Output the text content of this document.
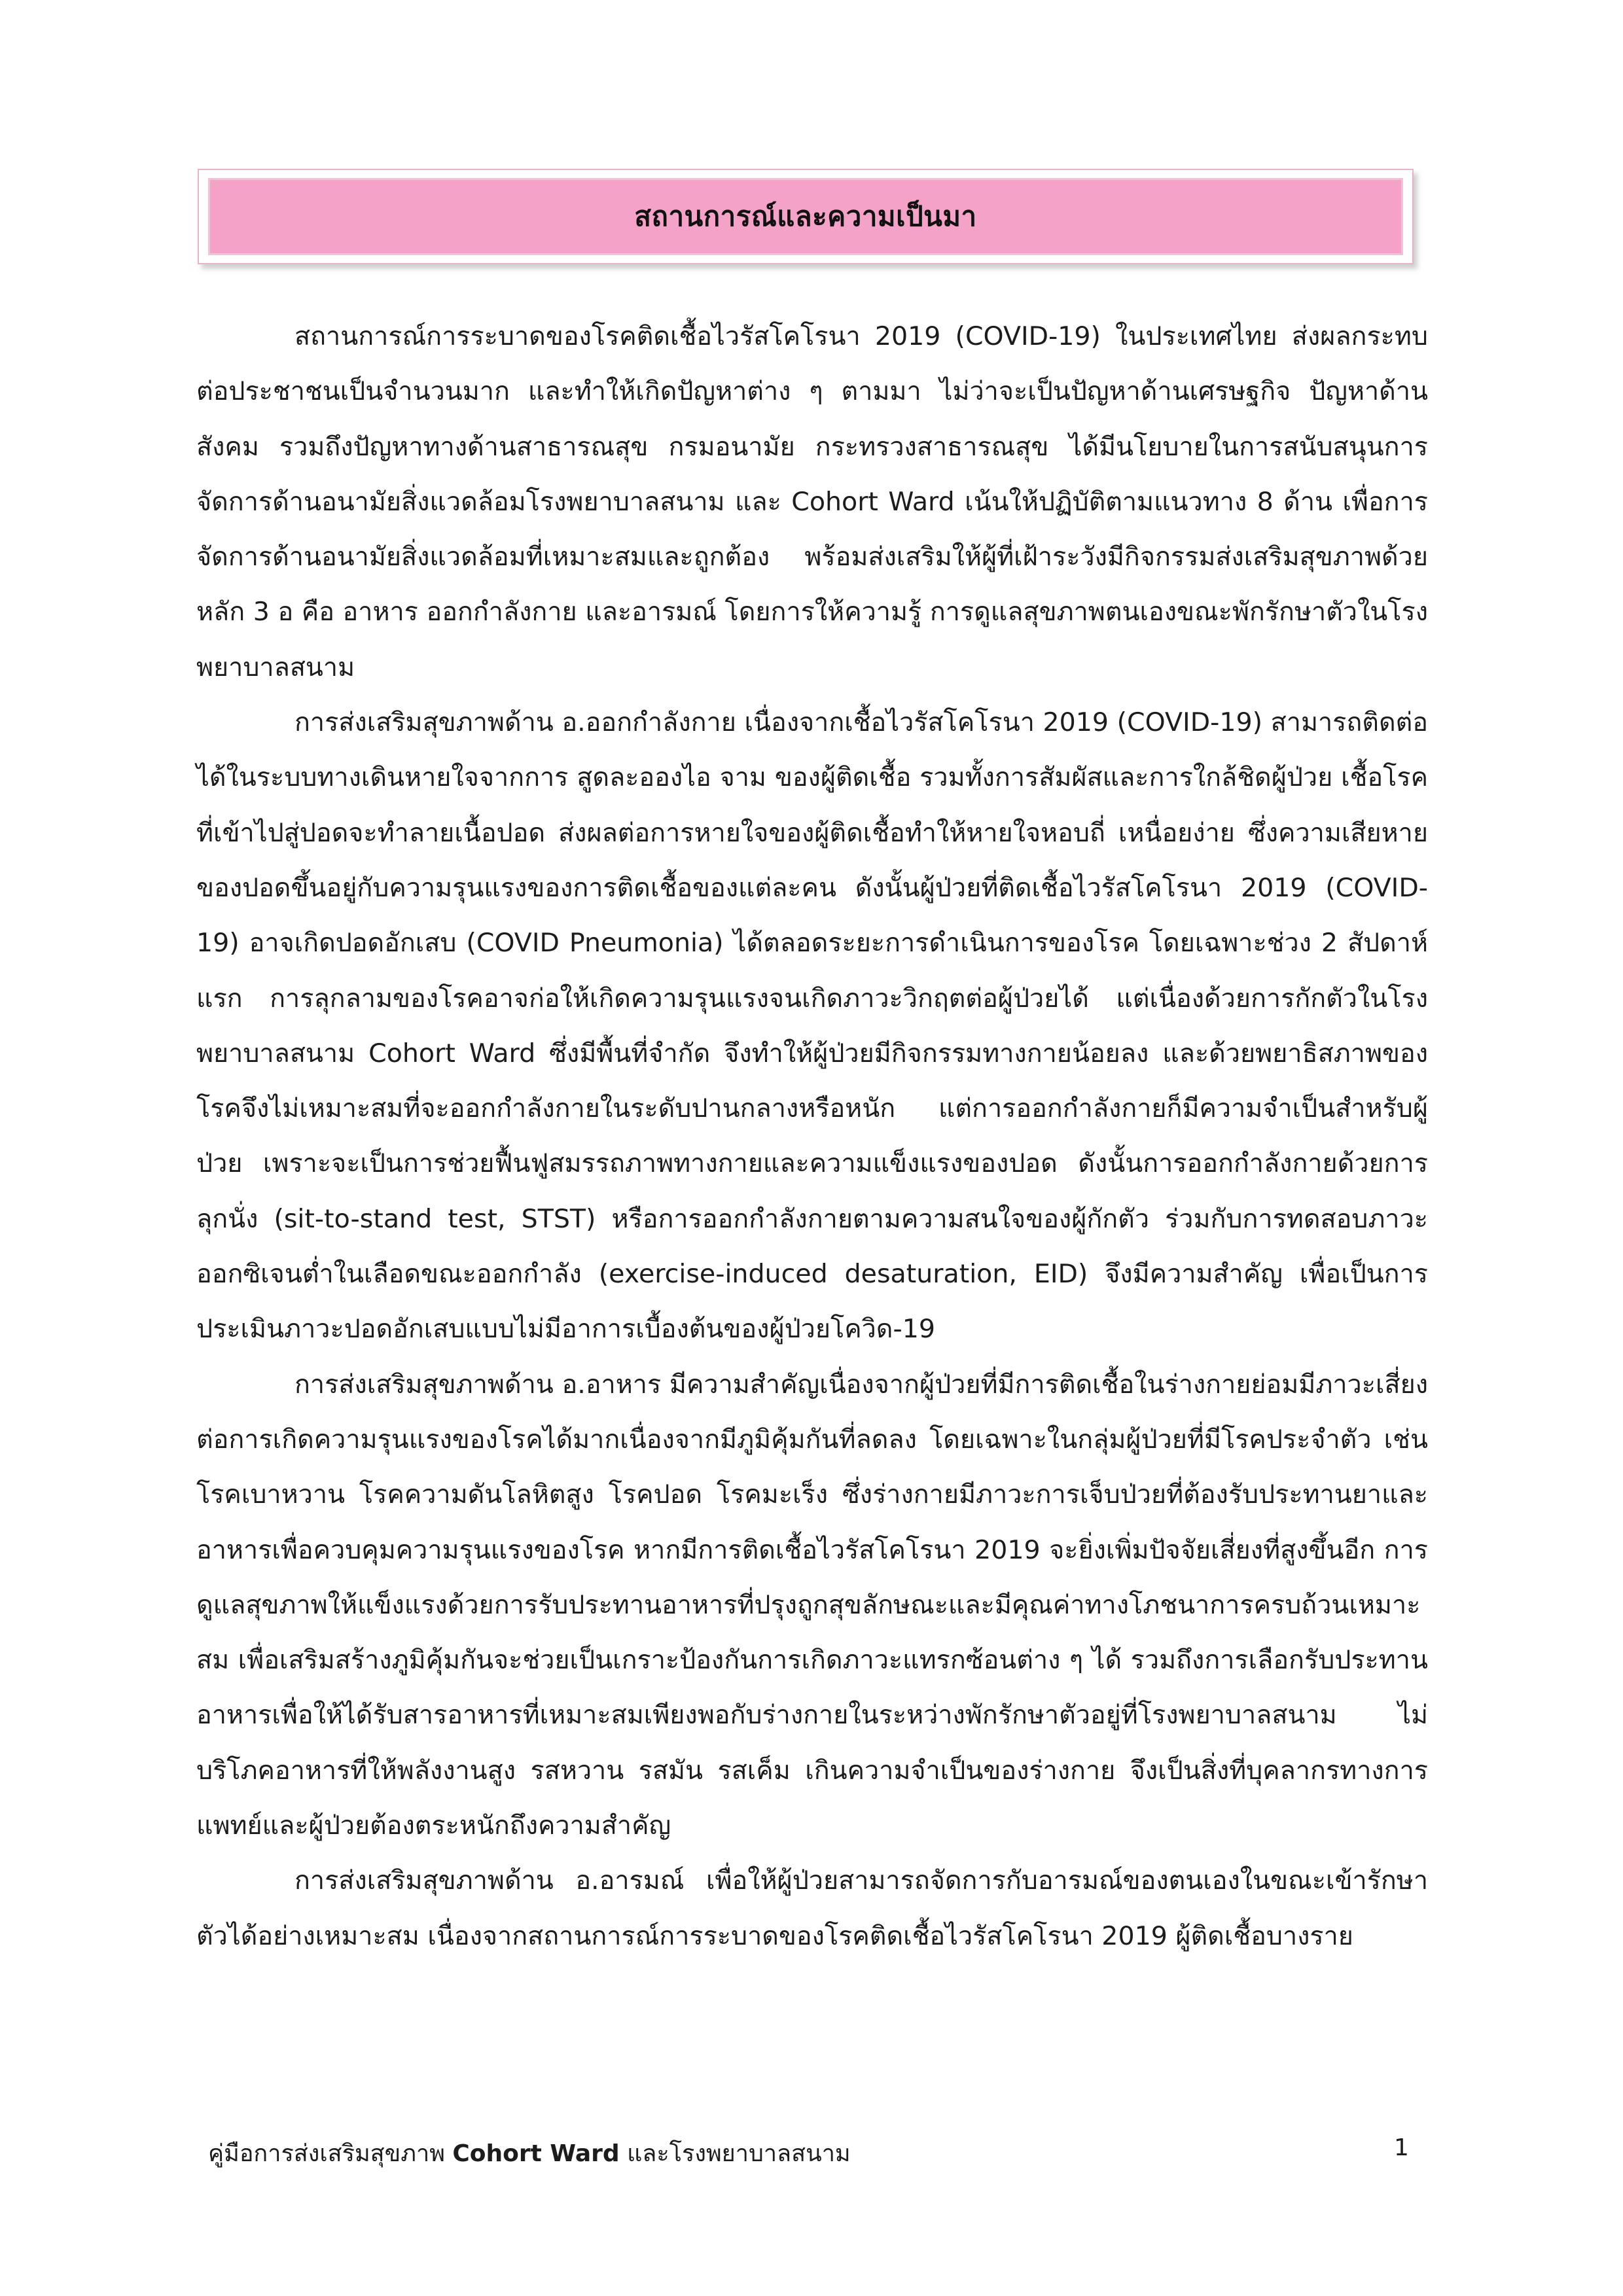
สถานการณ์และความเป็นมา

สถานการณ์การระบาดของโรคติดเชื้อไวรัสโคโรนา 2019 (COVID-19) ในประเทศไทย ส่งผลกระทบต่อประชาชนเป็นจำนวนมาก และทำให้เกิดปัญหาต่าง ๆ ตามมา ไม่ว่าจะเป็นปัญหาด้านเศรษฐกิจ ปัญหาด้านสังคม รวมถึงปัญหาทางด้านสาธารณสุข กรมอนามัย กระทรวงสาธารณสุข ได้มีนโยบายในการสนับสนุนการจัดการด้านอนามัยสิ่งแวดล้อมโรงพยาบาลสนาม และ Cohort Ward เน้นให้ปฏิบัติตามแนวทาง 8 ด้าน เพื่อการจัดการด้านอนามัยสิ่งแวดล้อมที่เหมาะสมและถูกต้อง พร้อมส่งเสริมให้ผู้ที่เฝ้าระวังมีกิจกรรมส่งเสริมสุขภาพด้วยหลัก 3 อ คือ อาหาร ออกกำลังกาย และอารมณ์ โดยการให้ความรู้ การดูแลสุขภาพตนเองขณะพักรักษาตัวในโรงพยาบาลสนาม

การส่งเสริมสุขภาพด้าน อ.ออกกำลังกาย เนื่องจากเชื้อไวรัสโคโรนา 2019 (COVID-19) สามารถติดต่อได้ในระบบทางเดินหายใจจากการ สูดละอองไอ จาม ของผู้ติดเชื้อ รวมทั้งการสัมผัสและการใกล้ชิดผู้ป่วย เชื้อโรคที่เข้าไปสู่ปอดจะทำลายเนื้อปอด ส่งผลต่อการหายใจของผู้ติดเชื้อทำให้หายใจหอบถี่ เหนื่อยง่าย ซึ่งความเสียหายของปอดขึ้นอยู่กับความรุนแรงของการติดเชื้อของแต่ละคน ดังนั้นผู้ป่วยที่ติดเชื้อไวรัสโคโรนา 2019 (COVID-19) อาจเกิดปอดอักเสบ (COVID Pneumonia) ได้ตลอดระยะการดำเนินการของโรค โดยเฉพาะช่วง 2 สัปดาห์แรก การลุกลามของโรคอาจก่อให้เกิดความรุนแรงจนเกิดภาวะวิกฤตต่อผู้ป่วยได้ แต่เนื่องด้วยการกักตัวในโรงพยาบาลสนาม Cohort Ward ซึ่งมีพื้นที่จำกัด จึงทำให้ผู้ป่วยมีกิจกรรมทางกายน้อยลง และด้วยพยาธิสภาพของโรคจึงไม่เหมาะสมที่จะออกกำลังกายในระดับปานกลางหรือหนัก แต่การออกกำลังกายก็มีความจำเป็นสำหรับผู้ป่วย เพราะจะเป็นการช่วยฟื้นฟูสมรรถภาพทางกายและความแข็งแรงของปอด ดังนั้นการออกกำลังกายด้วยการลุกนั่ง (sit-to-stand test, STST) หรือการออกกำลังกายตามความสนใจของผู้กักตัว ร่วมกับการทดสอบภาวะออกซิเจนต่ำในเลือดขณะออกกำลัง (exercise-induced desaturation, EID) จึงมีความสำคัญ เพื่อเป็นการประเมินภาวะปอดอักเสบแบบไม่มีอาการเบื้องต้นของผู้ป่วยโควิด-19

การส่งเสริมสุขภาพด้าน อ.อาหาร มีความสำคัญเนื่องจากผู้ป่วยที่มีการติดเชื้อในร่างกายย่อมมีภาวะเสี่ยงต่อการเกิดความรุนแรงของโรคได้มากเนื่องจากมีภูมิคุ้มกันที่ลดลง โดยเฉพาะในกลุ่มผู้ป่วยที่มีโรคประจำตัว เช่น โรคเบาหวาน โรคความดันโลหิตสูง โรคปอด โรคมะเร็ง ซึ่งร่างกายมีภาวะการเจ็บป่วยที่ต้องรับประทานยาและอาหารเพื่อควบคุมความรุนแรงของโรค หากมีการติดเชื้อไวรัสโคโรนา 2019 จะยิ่งเพิ่มปัจจัยเสี่ยงที่สูงขึ้นอีก การดูแลสุขภาพให้แข็งแรงด้วยการรับประทานอาหารที่ปรุงถูกสุขลักษณะและมีคุณค่าทางโภชนาการครบถ้วนเหมาะสม เพื่อเสริมสร้างภูมิคุ้มกันจะช่วยเป็นเกราะป้องกันการเกิดภาวะแทรกซ้อนต่าง ๆ ได้ รวมถึงการเลือกรับประทานอาหารเพื่อให้ได้รับสารอาหารที่เหมาะสมเพียงพอกับร่างกายในระหว่างพักรักษาตัวอยู่ที่โรงพยาบาลสนาม ไม่บริโภคอาหารที่ให้พลังงานสูง รสหวาน รสมัน รสเค็ม เกินความจำเป็นของร่างกาย จึงเป็นสิ่งที่บุคลากรทางการแพทย์และผู้ป่วยต้องตระหนักถึงความสำคัญ

การส่งเสริมสุขภาพด้าน อ.อารมณ์ เพื่อให้ผู้ป่วยสามารถจัดการกับอารมณ์ของตนเองในขณะเข้ารักษาตัวได้อย่างเหมาะสม เนื่องจากสถานการณ์การระบาดของโรคติดเชื้อไวรัสโคโรนา 2019 ผู้ติดเชื้อบางราย

คู่มือการส่งเสริมสุขภาพ Cohort Ward และโรงพยาบาลสนาม	1
